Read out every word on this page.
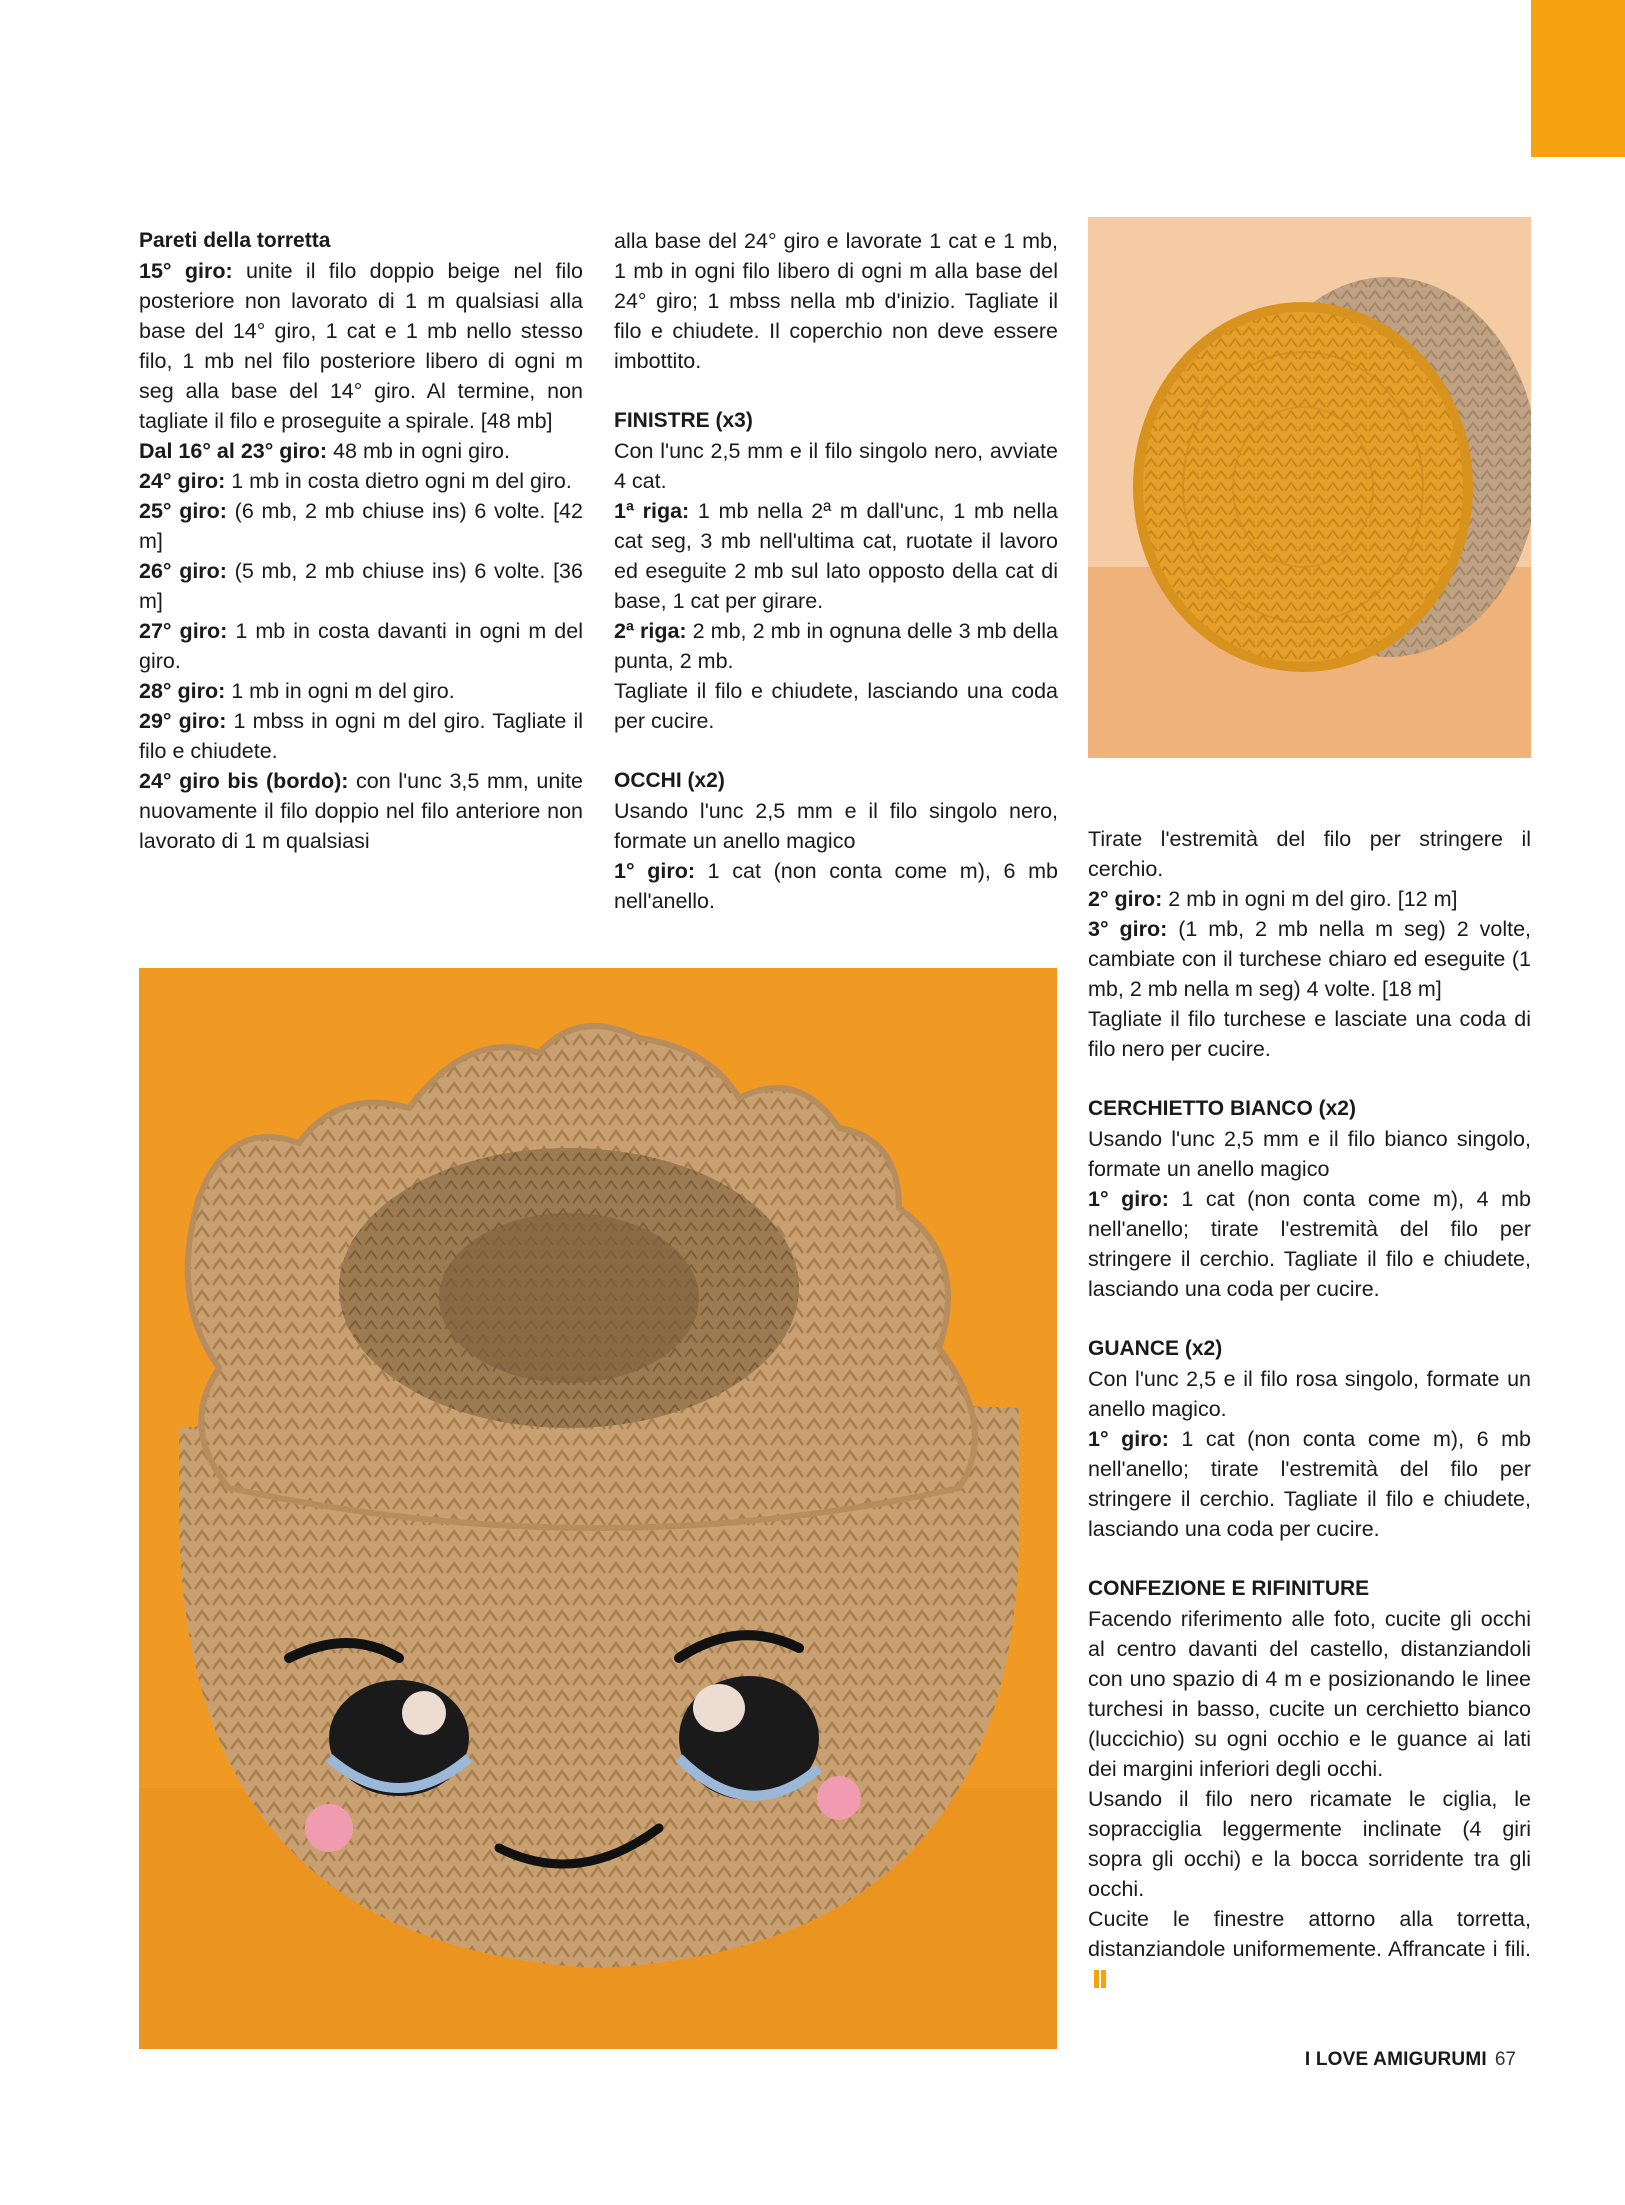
Pareti della torretta

15° giro: unite il filo doppio beige nel filo posteriore non lavorato di 1 m qualsiasi alla base del 14° giro, 1 cat e 1 mb nello stesso filo, 1 mb nel filo posteriore libero di ogni m seg alla base del 14° giro. Al termine, non tagliate il filo e proseguite a spirale. [48 mb]

Dal 16° al 23° giro: 48 mb in ogni giro.

24° giro: 1 mb in costa dietro ogni m del giro.

25° giro: (6 mb, 2 mb chiuse ins) 6 volte. [42 m]

26° giro: (5 mb, 2 mb chiuse ins) 6 volte. [36 m]

27° giro: 1 mb in costa davanti in ogni m del giro.

28° giro: 1 mb in ogni m del giro.

29° giro: 1 mbss in ogni m del giro. Tagliate il filo e chiudete.

24° giro bis (bordo): con l'unc 3,5 mm, unite nuovamente il filo doppio nel filo anteriore non lavorato di 1 m qualsiasi

alla base del 24° giro e lavorate 1 cat e 1 mb, 1 mb in ogni filo libero di ogni m alla base del 24° giro; 1 mbss nella mb d'inizio. Tagliate il filo e chiudete. Il coperchio non deve essere imbottito.

FINISTRE (x3)

Con l'unc 2,5 mm e il filo singolo nero, avviate 4 cat.

1ª riga: 1 mb nella 2ª m dall'unc, 1 mb nella cat seg, 3 mb nell'ultima cat, ruotate il lavoro ed eseguite 2 mb sul lato opposto della cat di base, 1 cat per girare.

2ª riga: 2 mb, 2 mb in ognuna delle 3 mb della punta, 2 mb.

Tagliate il filo e chiudete, lasciando una coda per cucire.

OCCHI (x2)

Usando l'unc 2,5 mm e il filo singolo nero, formate un anello magico

1° giro: 1 cat (non conta come m), 6 mb nell'anello.

Tirate l'estremità del filo per stringere il cerchio.

2° giro: 2 mb in ogni m del giro. [12 m]

3° giro: (1 mb, 2 mb nella m seg) 2 volte, cambiate con il turchese chiaro ed eseguite (1 mb, 2 mb nella m seg) 4 volte. [18 m]

Tagliate il filo turchese e lasciate una coda di filo nero per cucire.

CERCHIETTO BIANCO (x2)

Usando l'unc 2,5 mm e il filo bianco singolo, formate un anello magico

1° giro: 1 cat (non conta come m), 4 mb nell'anello; tirate l'estremità del filo per stringere il cerchio. Tagliate il filo e chiudete, lasciando una coda per cucire.

GUANCE (x2)

Con l'unc 2,5 e il filo rosa singolo, formate un anello magico.

1° giro: 1 cat (non conta come m), 6 mb nell'anello; tirate l'estremità del filo per stringere il cerchio. Tagliate il filo e chiudete, lasciando una coda per cucire.

CONFEZIONE E RIFINITURE

Facendo riferimento alle foto, cucite gli occhi al centro davanti del castello, distanziandoli con uno spazio di 4 m e posizionando le linee turchesi in basso, cucite un cerchietto bianco (luccichio) su ogni occhio e le guance ai lati dei margini inferiori degli occhi.

Usando il filo nero ricamate le ciglia, le sopracciglia leggermente inclinate (4 giri sopra gli occhi) e la bocca sorridente tra gli occhi.

Cucite le finestre attorno alla torretta, distanziandole uniformemente. Affrancate i fili.

I LOVE AMIGURUMI 67
